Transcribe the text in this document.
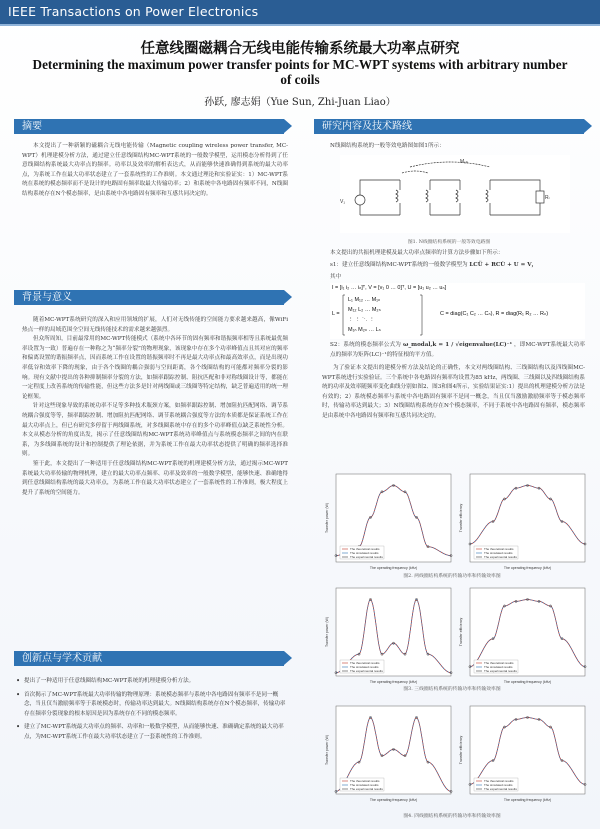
IEEE Transactions on Power Electronics
任意线圈磁耦合无线电能传输系统最大功率点研究
Determining the maximum power transfer points for MC-WPT systems with arbitrary number of coils
孙跃, 廖志娟（Yue Sun, Zhi-Juan Liao）
摘要

本文提出了一种新颖的磁耦合无线电能传输（Magnetic coupling wireless power transfer, MC-WPT）机理建模分析方法，通过建立任意线圈结构MC-WPT系统的一般数学模型，运用模态分析得到了任意线圈结构系统最大功率点的频率。功率以及效率的解析表达式，从而能够快速准确得到系统的最大功率点，为系统工作在最大功率状态建立了一套系统性的工作准则。本文通过理论和实验证实：1）MC-WPT系统在系统的模态频率而不是设计的电路固有频率取最大传输功率；2）和系统中各电路固有频率不同，N线圈结构系统存在N个模态频率，是由系统中各电路固有频率和互感共同决定的。

背景与意义

随着MC-WPT系统研究的深入和应用领域的扩展，人们对无线传能的空间能力要求越来越高，像WiFi热点一样的局域范围全空间无线传能技术的需求越来越强烈。

但众所周知，目前最常用的MC-WPT传能模式（系统中各环节的固有频率和谐振频率相等且系统最优频率设置为一致）普遍存在一种称之为“频率分裂”的物理现象，该现象中存在多个功率峰值点且其对应的频率和偏离设置的谐振频率点，因而系统工作在设置的谐振频率时不再是最大功率点和最高效率点，而是出现功率低谷和效率下降的现象，由于各个线圈的耦合强弱与空间距离，各个线圈结构的可能都对频率分裂的影响。现有文献中提出的各种抑制频率分裂的方法，如频率跟踪控制、阻抗匹配和非对称线圈设计等，都能在一定程度上改善系统的传输性能，但这些方法多是针对两线圈或三线圈等特定结构，缺乏普遍适用的统一理论框架。

针对这些现象导致的系统功率不足等多种技术瓶颈方案，如频率跟踪控制、增加阻抗匹配网络、调节系统耦合强度等等，频率跟踪控制、增加阻抗匹配网络、调节系统耦合强度等方法的本质都是保证系统工作在最大功率点上，但已有研究多停留于两线圈系统，对多线圈系统中存在的多个功率峰值点缺乏系统性分析。本文从模态分析的角度出发，揭示了任意线圈结构MC-WPT系统功率峰值点与系统模态频率之间的内在联系，为多线圈系统的设计和控制提供了理论依据，并为系统工作在最大功率状态提供了明确的频率选择准则。

鉴于此，本文提出了一种适用于任意线圈结构MC-WPT系统的机理建模分析方法，通过揭示MC-WPT系统最大功率传输的物理机理，建立的最大功率点频率、功率及效率的一般数学模型，能够快速、准确地得到任意线圈结构系统的最大功率点，为系统工作在最大功率状态建立了一套系统性的工作准则，极大程度上提升了系统的空间能力。

创新点与学术贡献
• 提出了一种适用于任意线圈结构MC-WPT系统的机理建模分析方法。
• 首次揭示了MC-WPT系统最大功率传输的物理原理：系统模态频率与系统中各电路固有频率不是同一概念，当且仅当激励频率等于系统模态时，传输功率达到最大。N线圈结构系统存在N个模态频率，传输功率存在频率分裂现象的根本原因是因为系统存在不同的模态频率。
• 建立了MC-WPT系统最大功率点的频率、功率和一般数学模型，从而能够快速、准确确定系统的最大功率点，为MC-WPT系统工作在最大功率状态建立了一套系统性的工作准则。
研究内容及技术路线
N线圈结构系统的一般等效电路图如图1所示：
V₁
M₁ₙ
Rₗ
图1. N线圈结构系统的一般等效电路图
本文提出的共振机理建模及最大功率点频率的计算方法步骤如下所示：
s1：建立任意线圈结构MC-WPT系统的一般数学模型为 LCÜ + RCU̇ + U = V，
其中
I = [i₁ i₂ … iₙ]ᵀ, V = [v₁ 0 … 0]ᵀ, U = [u₁ u₂ … uₙ]
L =
L₁ M₁₂ … M₁ₙ
M₁₂ L₂ … M₂ₙ
⋮ ⋮ ⋱ ⋮
M₁ₙ M₂ₙ … Lₙ
C = diag(C₁ C₂ … Cₙ), R = diag(R₁ R₂ … Rₙ)
S2：系统的模态频率公式为 ω_modal,k = 1 / √eigenvalue(LC)⁻¹ ，即MC-WPT系统最大功率点的频率为矩阵(LC)⁻¹的特征根的平方值。

为了验证本文提出的建模分析方法及结论的正确性，本文对两线圈结构、三线圈结构以及四线圈MC-WPT系统进行实验验证。三个系统中各电路固有频率均设置为85 kHz，两线圈、三线圈以及四线圈结构系统的功率及效率随频率变化曲线分别如图2、图3和图4所示，实验结果证实:1）提出的机理建模分析方法是有效的；2）系统模态频率与系统中各电路固有频率不是同一概念，当且仅当激励激励频率等于模态频率时，传输功率达到最大；3）N线圈结构系统存在N个模态频率，不同于系统中各电路固有频率，模态频率是由系统中各电路固有频率和互感共同决定的。

Transfer power (W)
The operating frequency (kHz)
The theoretical results
The simulated results
The experimental results
Transfer efficiency
The operating frequency (kHz)
The theoretical results
The simulated results
The experimental results
Transfer power (W)
The operating frequency (kHz)
The theoretical results
The simulated results
The experimental results
Transfer efficiency
The operating frequency (kHz)
The theoretical results
The simulated results
The experimental results
Transfer power (W)
The operating frequency (kHz)
The theoretical results
The simulated results
The experimental results
Transfer efficiency
The operating frequency (kHz)
The theoretical results
The simulated results
The experimental results
图2. 两线圈结构系统的传输功率和传输效率图
图3. 三线圈结构系统的传输功率和传输效率图
图4. 四线圈结构系统的传输功率和传输效率图
